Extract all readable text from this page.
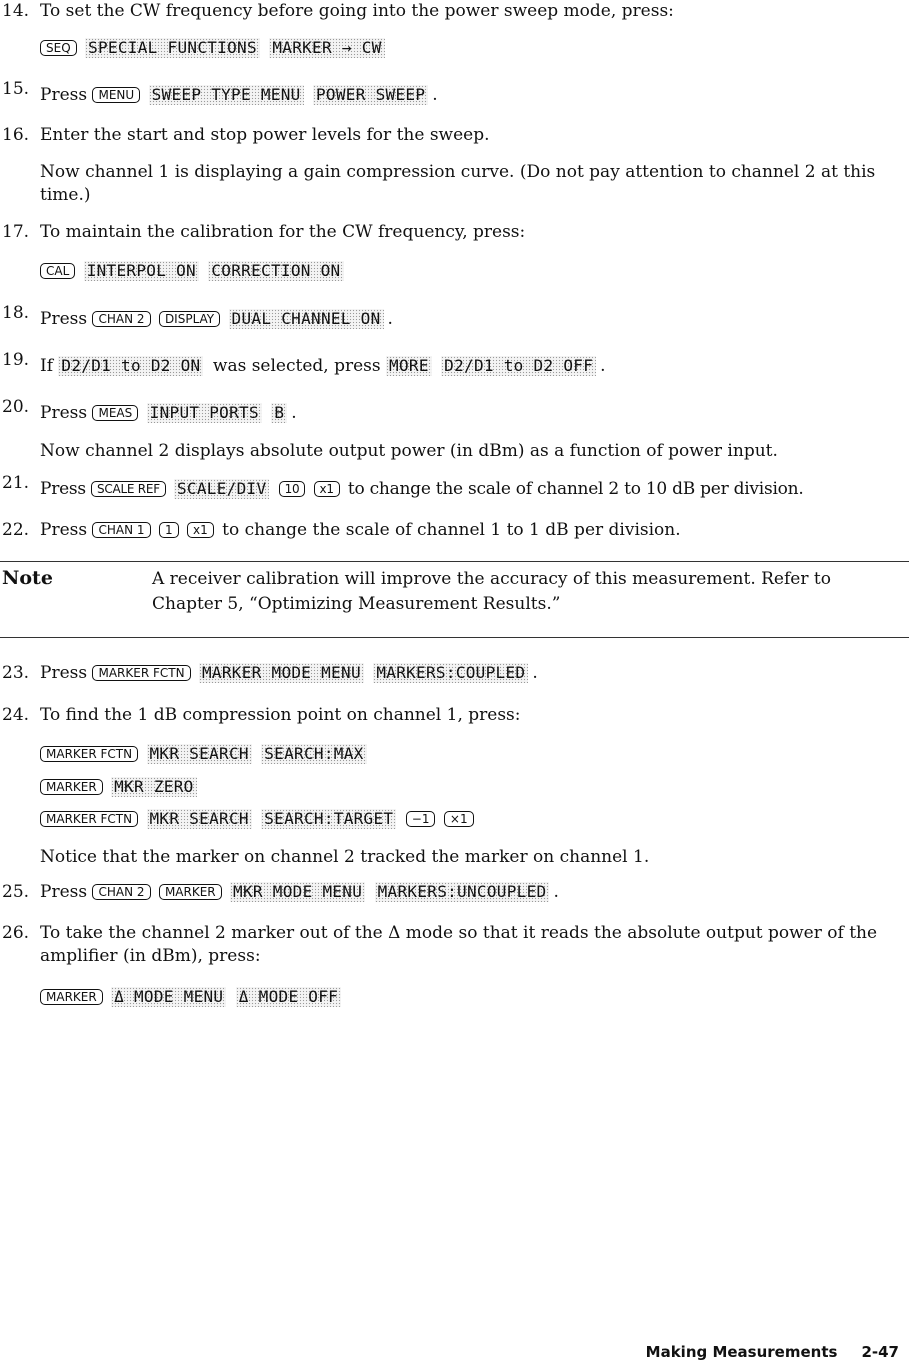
14. To set the CW frequency before going into the power sweep mode, press:
SEQ SPECIAL FUNCTIONS MARKER → CW
15. Press MENU SWEEP TYPE MENU POWER SWEEP .
16. Enter the start and stop power levels for the sweep.
Now channel 1 is displaying a gain compression curve. (Do not pay attention to channel 2 at this time.)
17. To maintain the calibration for the CW frequency, press:
CAL INTERPOL ON CORRECTION ON
18. Press CHAN 2 DISPLAY DUAL CHANNEL ON .
19. If D2/D1 to D2 ON was selected, press MORE D2/D1 to D2 OFF .
20. Press MEAS INPUT PORTS B .
Now channel 2 displays absolute output power (in dBm) as a function of power input.
21. Press SCALE REF SCALE/DIV 10 x1 to change the scale of channel 2 to 10 dB per division.
22. Press CHAN 1 1 x1 to change the scale of channel 1 to 1 dB per division.
Note	A receiver calibration will improve the accuracy of this measurement. Refer to Chapter 5, “Optimizing Measurement Results.”
23. Press MARKER FCTN MARKER MODE MENU MARKERS:COUPLED .
24. To find the 1 dB compression point on channel 1, press:
MARKER FCTN MKR SEARCH SEARCH:MAX
MARKER MKR ZERO
MARKER FCTN MKR SEARCH SEARCH:TARGET −1 ×1
Notice that the marker on channel 2 tracked the marker on channel 1.
25. Press CHAN 2 MARKER MKR MODE MENU MARKERS:UNCOUPLED .
26. To take the channel 2 marker out of the Δ mode so that it reads the absolute output power of the amplifier (in dBm), press:
MARKER Δ MODE MENU Δ MODE OFF
Making Measurements 2-47
